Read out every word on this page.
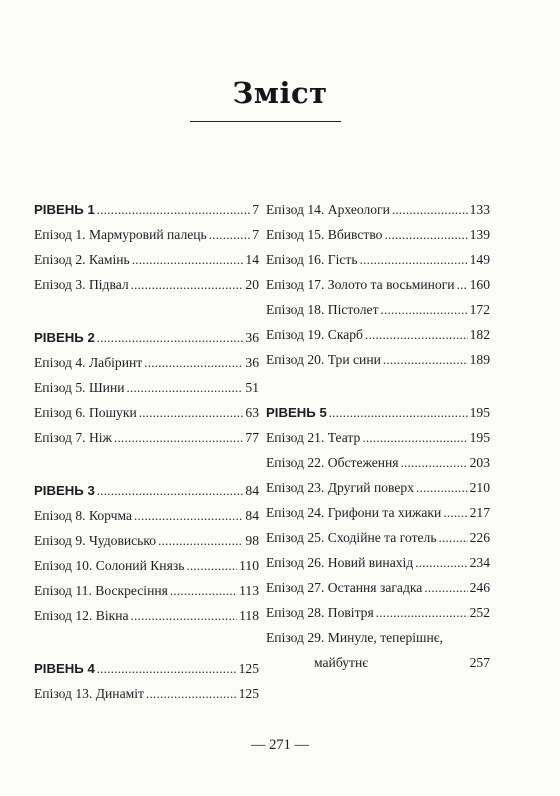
Зміст
РІВЕНЬ 1 . . .	7
Епізод 1. Мармуровий палець . . .	7
Епізод 2. Камінь . . .	14
Епізод 3. Підвал . . .	20
РІВЕНЬ 2 . . .	36
Епізод 4. Лабіринт . . .	36
Епізод 5. Шини . . .	51
Епізод 6. Пошуки . . .	63
Епізод 7. Ніж . . .	77
РІВЕНЬ 3 . . .	84
Епізод 8. Корчма . . .	84
Епізод 9. Чудовисько . . .	98
Епізод 10. Солоний Князь . . .	110
Епізод 11. Воскресіння . . .	113
Епізод 12. Вікна . . .	118
РІВЕНЬ 4 . . .	125
Епізод 13. Динаміт . . .	125
Епізод 14. Археологи . . .	133
Епізод 15. Вбивство . . .	139
Епізод 16. Гість . . .	149
Епізод 17. Золото та восьминоги . . . 160
Епізод 18. Пістолет . . .	172
Епізод 19. Скарб . . .	182
Епізод 20. Три сини . . .	189
РІВЕНЬ 5 . . .	195
Епізод 21. Театр . . .	195
Епізод 22. Обстеження . . .	203
Епізод 23. Другий поверх . . .	210
Епізод 24. Грифони та хижаки . . . 217
Епізод 25. Сходійне та готель . . . 226
Епізод 26. Новий винахід . . .	234
Епізод 27. Остання загадка . . .	246
Епізод 28. Повітря . . .	252
Епізод 29. Минуле, теперішнє,
майбутнє	257
— 271 —
